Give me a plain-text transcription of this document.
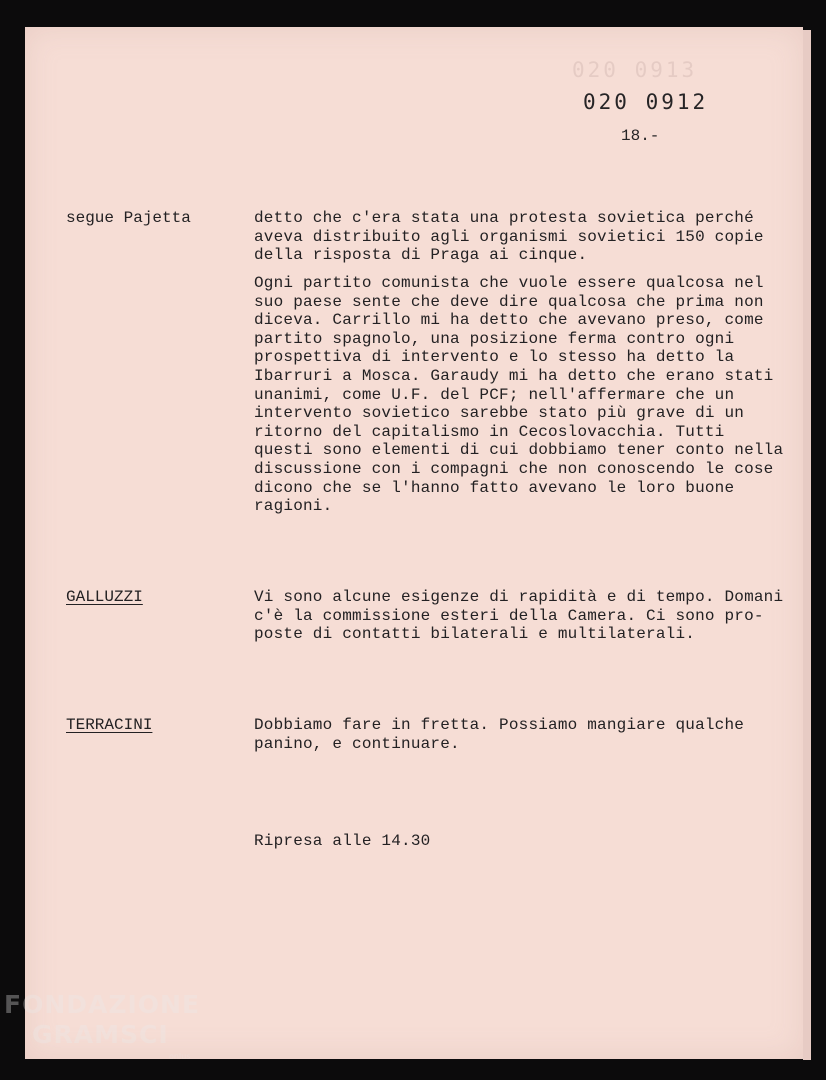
020 0913
020 0912
18.-
segue Pajetta	detto che c'era stata una protesta sovietica perché
aveva distribuito agli organismi sovietici 150 copie
della risposta di Praga ai cinque.
Ogni partito comunista che vuole essere qualcosa nel
suo paese sente che deve dire qualcosa che prima non
diceva. Carrillo mi ha detto che avevano preso, come
partito spagnolo, una posizione ferma contro ogni
prospettiva di intervento e lo stesso ha detto la
Ibarruri a Mosca. Garaudy mi ha detto che erano stati
unanimi, come U.F. del PCF; nell'affermare che un
intervento sovietico sarebbe stato più grave di un
ritorno del capitalismo in Cecoslovacchia. Tutti
questi sono elementi di cui dobbiamo tener conto nella
discussione con i compagni che non conoscendo le cose
dicono che se l'hanno fatto avevano le loro buone
ragioni.
GALLUZZI	Vi sono alcune esigenze di rapidità e di tempo. Domani
c'è la commissione esteri della Camera. Ci sono pro-
poste di contatti bilaterali e multilaterali.
TERRACINI	Dobbiamo fare in fretta. Possiamo mangiare qualche
panino, e continuare.
Ripresa alle 14.30
FONDAZIONE
GRAMSCI
onlus
